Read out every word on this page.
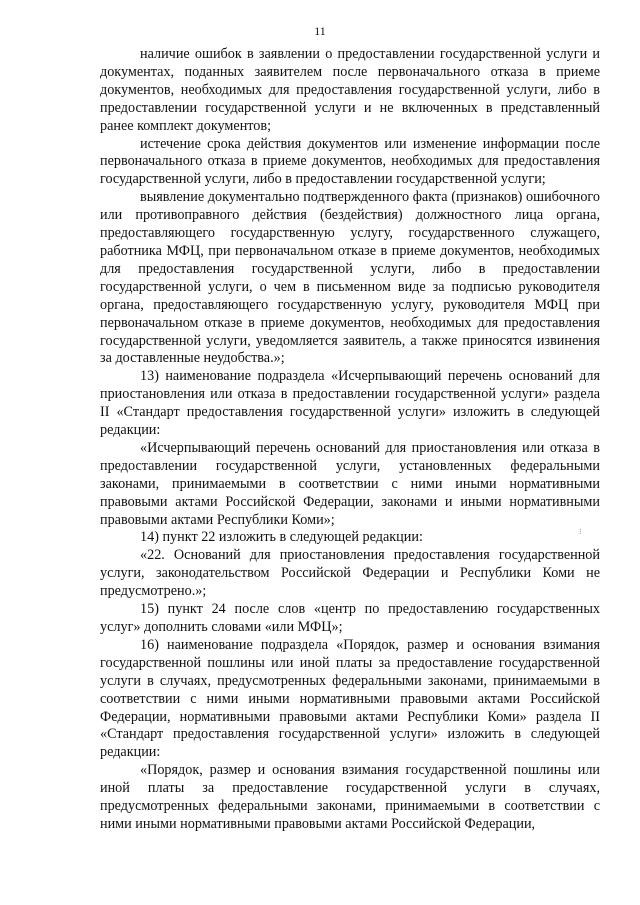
11

наличие ошибок в заявлении о предоставлении государственной услуги и документах, поданных заявителем после первоначального отказа в приеме документов, необходимых для предоставления государственной услуги, либо в предоставлении государственной услуги и не включенных в представленный ранее комплект документов;

истечение срока действия документов или изменение информации после первоначального отказа в приеме документов, необходимых для предоставления государственной услуги, либо в предоставлении государственной услуги;

выявление документально подтвержденного факта (признаков) ошибочного или противоправного действия (бездействия) должностного лица органа, предоставляющего государственную услугу, государственного служащего, работника МФЦ, при первоначальном отказе в приеме документов, необходимых для предоставления государственной услуги, либо в предоставлении государственной услуги, о чем в письменном виде за подписью руководителя органа, предоставляющего государственную услугу, руководителя МФЦ при первоначальном отказе в приеме документов, необходимых для предоставления государственной услуги, уведомляется заявитель, а также приносятся извинения за доставленные неудобства.»;

13) наименование подраздела «Исчерпывающий перечень оснований для приостановления или отказа в предоставлении государственной услуги» раздела II «Стандарт предоставления государственной услуги» изложить в следующей редакции:

«Исчерпывающий перечень оснований для приостановления или отказа в предоставлении государственной услуги, установленных федеральными законами, принимаемыми в соответствии с ними иными нормативными правовыми актами Российской Федерации, законами и иными нормативными правовыми актами Республики Коми»;

14) пункт 22 изложить в следующей редакции:

«22. Оснований для приостановления предоставления государственной услуги, законодательством Российской Федерации и Республики Коми не предусмотрено.»;

15) пункт 24 после слов «центр по предоставлению государственных услуг» дополнить словами «или МФЦ»;

16) наименование подраздела «Порядок, размер и основания взимания государственной пошлины или иной платы за предоставление государственной услуги в случаях, предусмотренных федеральными законами, принимаемыми в соответствии с ними иными нормативными правовыми актами Российской Федерации, нормативными правовыми актами Республики Коми» раздела II «Стандарт предоставления государственной услуги» изложить в следующей редакции:

«Порядок, размер и основания взимания государственной пошлины или иной платы за предоставление государственной услуги в случаях, предусмотренных федеральными законами, принимаемыми в соответствии с ними иными нормативными правовыми актами Российской Федерации,

⁝
